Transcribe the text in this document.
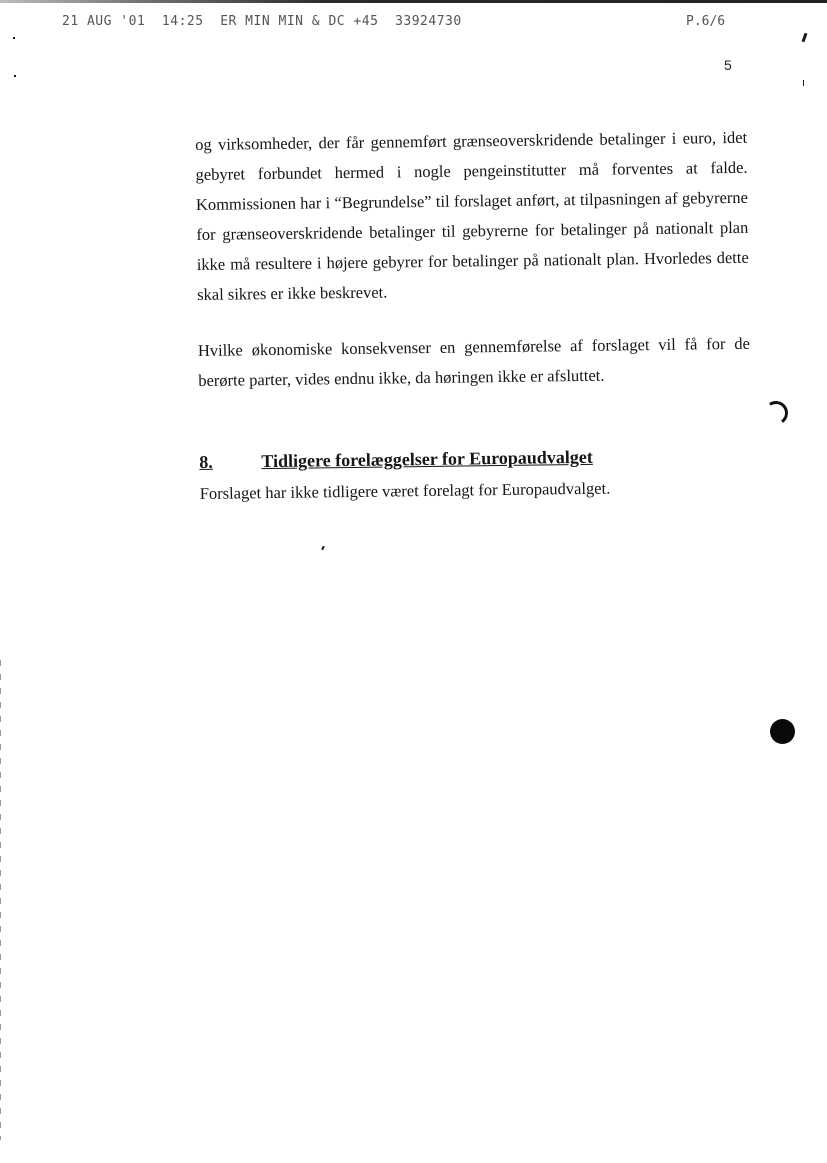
21 AUG '01  14:25  ER MIN MIN & DC +45  33924730	P.6/6
5

og virksomheder, der får gennemført grænseoverskridende betalinger i euro, idet gebyret forbundet hermed i nogle pengeinstitutter må forventes at falde. Kommissionen har i “Begrundelse” til forslaget anført, at tilpasningen af gebyrerne for grænseoverskridende betalinger til gebyrerne for betalinger på nationalt plan ikke må resultere i højere gebyrer for betalinger på nationalt plan. Hvorledes dette skal sikres er ikke beskrevet.

Hvilke økonomiske konsekvenser en gennemførelse af forslaget vil få for de berørte parter, vides endnu ikke, da høringen ikke er afsluttet.

8.	Tidligere forelæggelser for Europaudvalget

Forslaget har ikke tidligere været forelagt for Europaudvalget.
